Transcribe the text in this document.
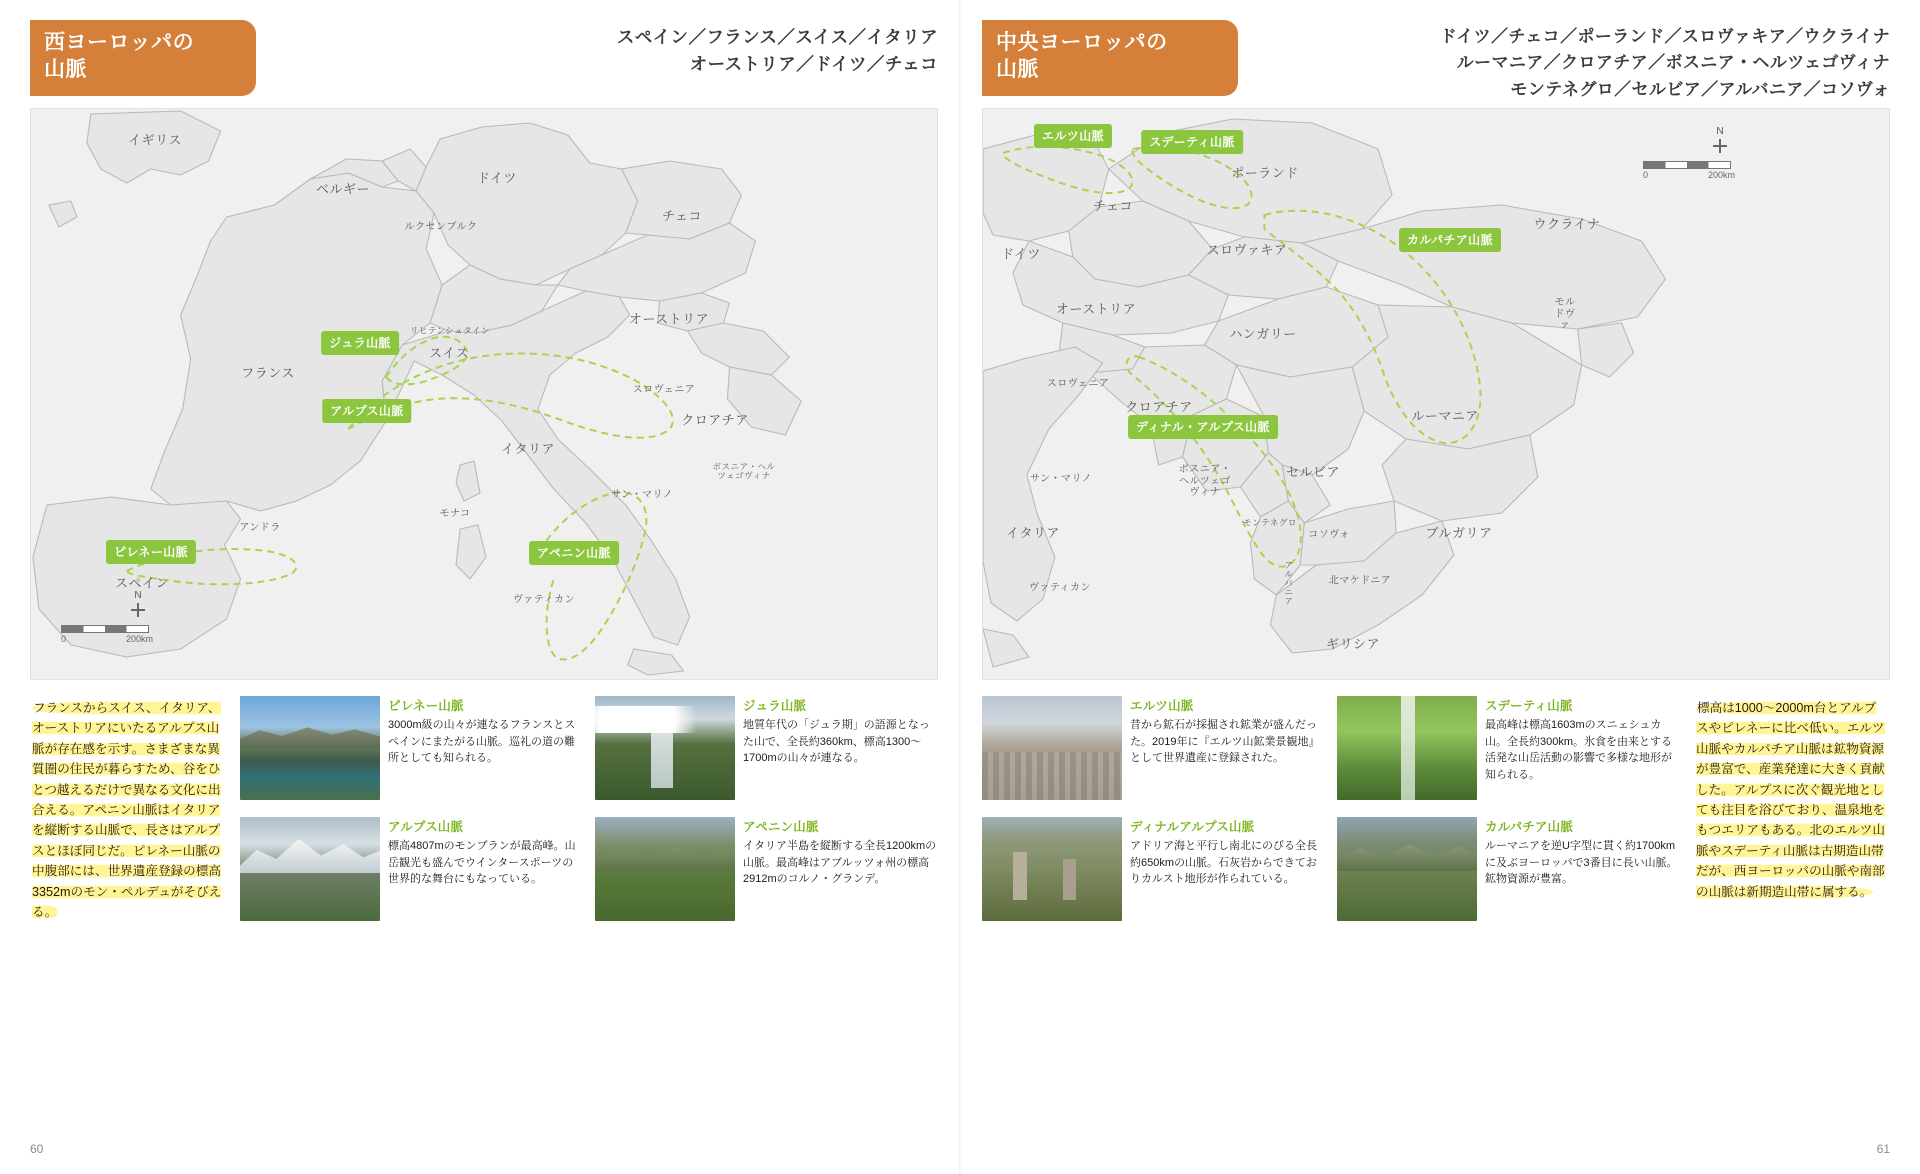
西ヨーロッパの
山脈
スペイン／フランス／スイス／イタリア
オーストリア／ドイツ／チェコ
イギリス
ベルギー
ドイツ
ルクセンブルク
チェコ
オーストリア
フランス
スイス
リヒテンシュタイン
スロヴェニア
クロアチア
ボスニア・ヘルツェゴヴィナ
イタリア
サン・マリノ
モナコ
アンドラ
スペイン
ヴァティカン
ジュラ山脈
アルプス山脈
ピレネー山脈	アペニン山脈
N
0	200km
フランスからスイス、イタリア、オーストリアにいたるアルプス山脈が存在感を示す。さまざまな異質圏の住民が暮らすため、谷をひとつ越えるだけで異なる文化に出合える。アペニン山脈はイタリアを縦断する山脈で、長さはアルプスとほぼ同じだ。ピレネー山脈の中腹部には、世界遺産登録の標高3352mのモン・ペルデュがそびえる。
ピレネー山脈
3000m級の山々が連なるフランスとスペインにまたがる山脈。巡礼の道の難所としても知られる。
ジュラ山脈
地質年代の「ジュラ期」の語源となった山で、全長約360km、標高1300～1700mの山々が連なる。
アルプス山脈
標高4807mのモンブランが最高峰。山岳観光も盛んでウインタースポーツの世界的な舞台にもなっている。
アペニン山脈
イタリア半島を縦断する全長1200kmの山脈。最高峰はアブルッツォ州の標高2912mのコルノ・グランデ。
60
中央ヨーロッパの
山脈
ドイツ／チェコ／ポーランド／スロヴァキア／ウクライナ
ルーマニア／クロアチア／ボスニア・ヘルツェゴヴィナ
モンテネグロ／セルビア／アルバニア／コソヴォ
ポーランド
チェコ
ウクライナ
ドイツ	スロヴァキア
モルドヴァ
オーストリア
ハンガリー
スロヴェニア
クロアチア
ルーマニア
ボスニア・ヘルツェゴヴィナ
セルビア
サン・マリノ
イタリア
モンテネグロ
コソヴォ	ブルガリア
ヴァティカン
北マケドニア
アルバニア
ギリシア
エルツ山脈	スデーティ山脈
カルパチア山脈
ディナル・アルプス山脈
N
0	200km
エルツ山脈
昔から鉱石が採掘され鉱業が盛んだった。2019年に『エルツ山鉱業景観地』として世界遺産に登録された。
スデーティ山脈
最高峰は標高1603mのスニェシュカ山。全長約300km。氷食を由来とする活発な山岳活動の影響で多様な地形が知られる。
ディナルアルプス山脈
アドリア海と平行し南北にのびる全長約650kmの山脈。石灰岩からできておりカルスト地形が作られている。
カルパチア山脈
ルーマニアを逆U字型に貫く約1700kmに及ぶヨーロッパで3番目に長い山脈。鉱物資源が豊富。
標高は1000～2000m台とアルプスやピレネーに比べ低い。エルツ山脈やカルパチア山脈は鉱物資源が豊富で、産業発達に大きく貢献した。アルプスに次ぐ観光地としても注目を浴びており、温泉地をもつエリアもある。北のエルツ山脈やスデーティ山脈は古期造山帯だが、西ヨーロッパの山脈や南部の山脈は新期造山帯に属する。
61
